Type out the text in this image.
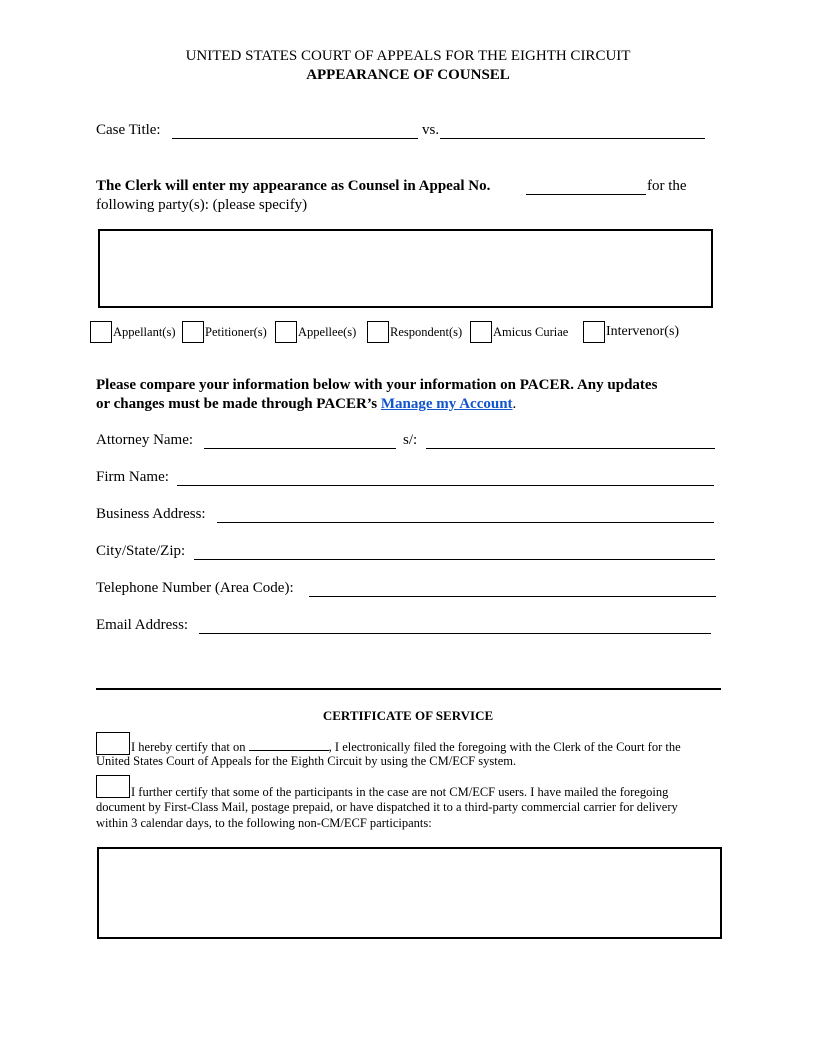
UNITED STATES COURT OF APPEALS FOR THE EIGHTH CIRCUIT
APPEARANCE OF COUNSEL
Case Title:	vs.
The Clerk will enter my appearance as Counsel in Appeal No.	for the
following party(s): (please specify)
Appellant(s) Petitioner(s) Appellee(s)	Respondent(s) Amicus Curiae	Intervenor(s)
Please compare your information below with your information on PACER. Any updates
or changes must be made through PACER’s Manage my Account.
Attorney Name:	s/:
Firm Name:
Business Address:
City/State/Zip:
Telephone Number (Area Code):
Email Address:
CERTIFICATE OF SERVICE
I hereby certify that on	, I electronically filed the foregoing with the Clerk of the Court for the
United States Court of Appeals for the Eighth Circuit by using the CM/ECF system.
I further certify that some of the participants in the case are not CM/ECF users. I have mailed the foregoing
document by First-Class Mail, postage prepaid, or have dispatched it to a third-party commercial carrier for delivery
within 3 calendar days, to the following non-CM/ECF participants:
